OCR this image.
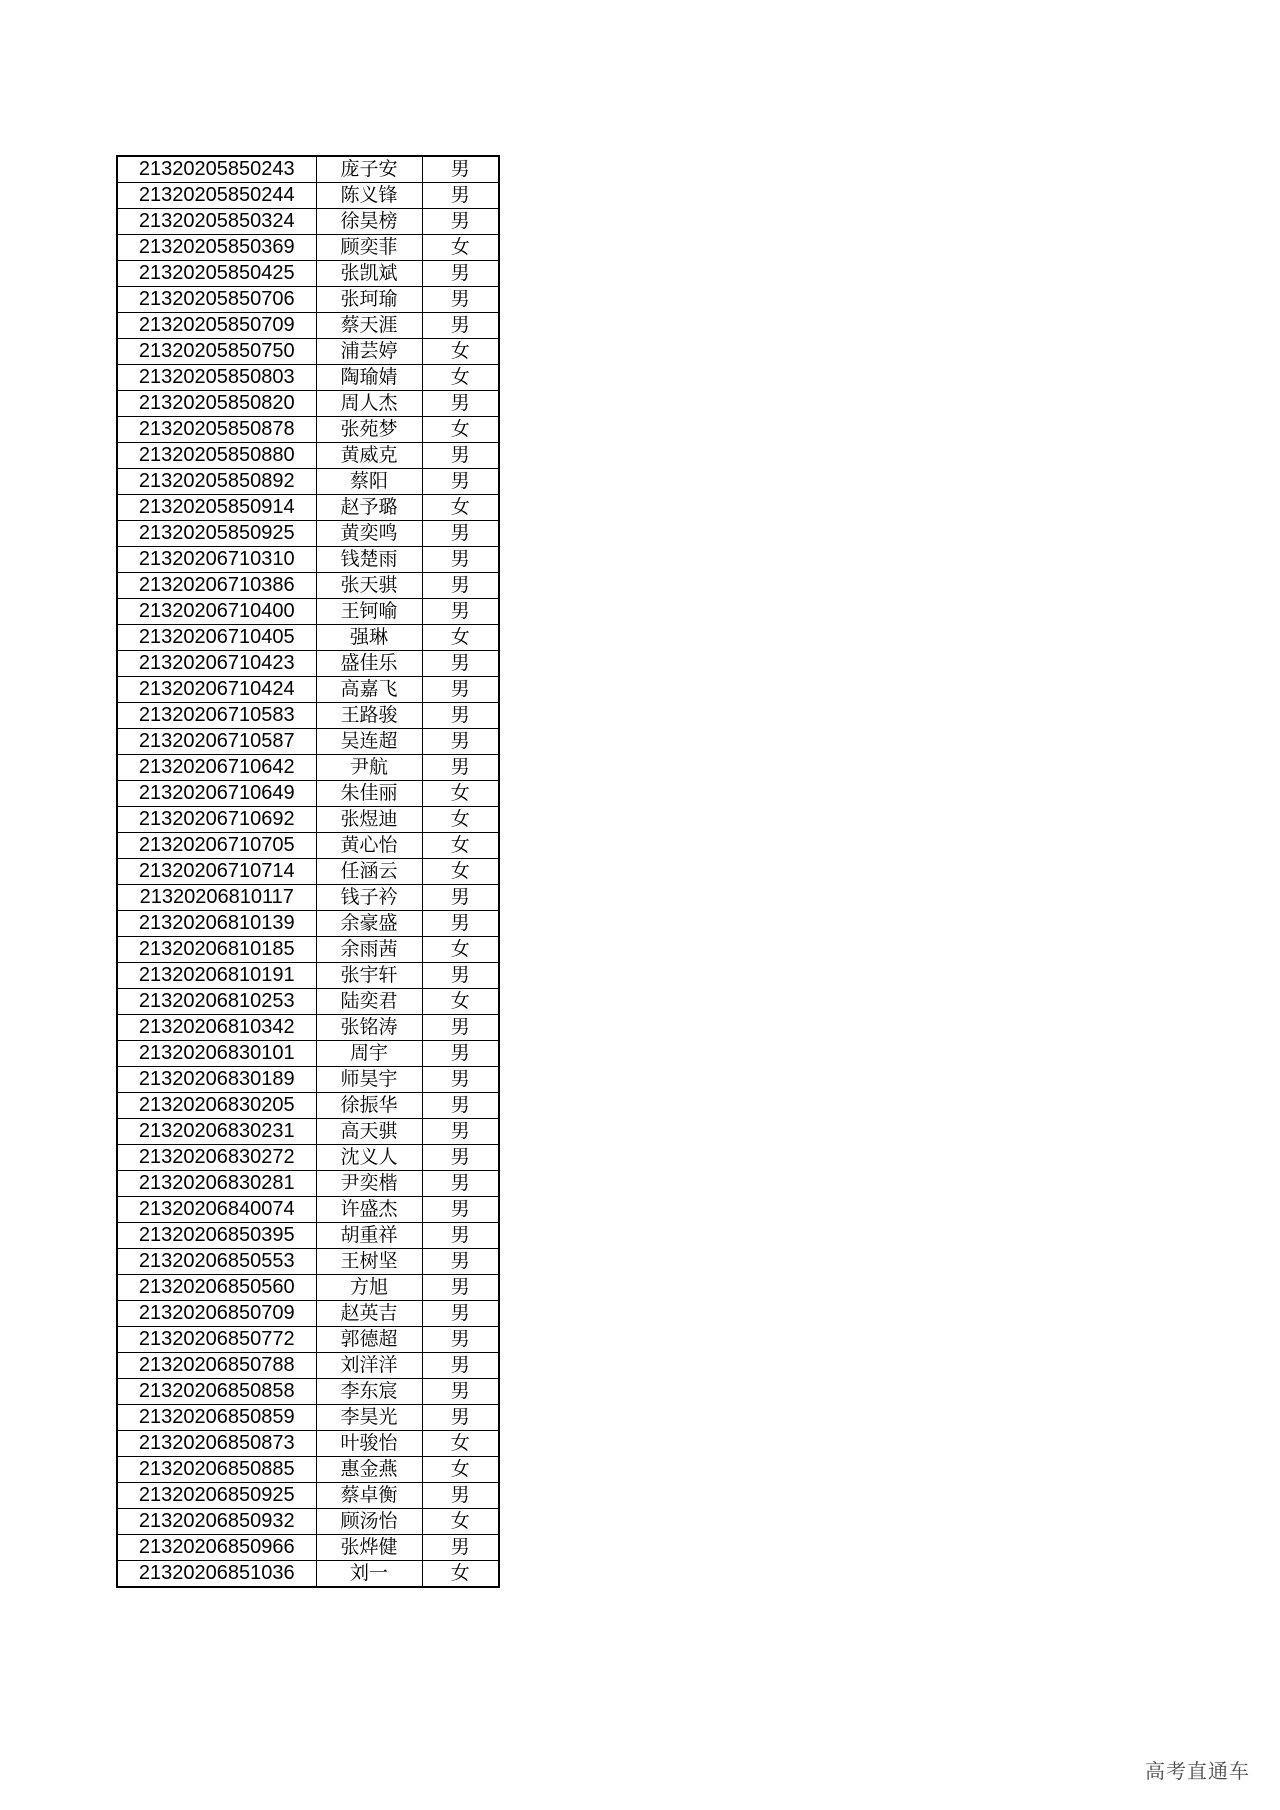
21320205850243	庞子安	男
21320205850244	陈义锋	男
21320205850324	徐昊榜	男
21320205850369	顾奕菲	女
21320205850425	张凯斌	男
21320205850706	张珂瑜	男
21320205850709	蔡天涯	男
21320205850750	浦芸婷	女
21320205850803	陶瑜婧	女
21320205850820	周人杰	男
21320205850878	张苑梦	女
21320205850880	黄威克	男
21320205850892	蔡阳	男
21320205850914	赵予璐	女
21320205850925	黄奕鸣	男
21320206710310	钱楚雨	男
21320206710386	张天骐	男
21320206710400	王钶喻	男
21320206710405	强琳	女
21320206710423	盛佳乐	男
21320206710424	高嘉飞	男
21320206710583	王路骏	男
21320206710587	吴连超	男
21320206710642	尹航	男
21320206710649	朱佳丽	女
21320206710692	张煜迪	女
21320206710705	黄心怡	女
21320206710714	任涵云	女
21320206810117	钱子衿	男
21320206810139	余豪盛	男
21320206810185	余雨茜	女
21320206810191	张宇轩	男
21320206810253	陆奕君	女
21320206810342	张铭涛	男
21320206830101	周宇	男
21320206830189	师昊宇	男
21320206830205	徐振华	男
21320206830231	高天骐	男
21320206830272	沈义人	男
21320206830281	尹奕楷	男
21320206840074	许盛杰	男
21320206850395	胡重祥	男
21320206850553	王树坚	男
21320206850560	方旭	男
21320206850709	赵英吉	男
21320206850772	郭德超	男
21320206850788	刘洋洋	男
21320206850858	李东宸	男
21320206850859	李昊光	男
21320206850873	叶骏怡	女
21320206850885	惠金燕	女
21320206850925	蔡卓衡	男
21320206850932	顾汤怡	女
21320206850966	张烨健	男
21320206851036	刘一	女
高考直通车
